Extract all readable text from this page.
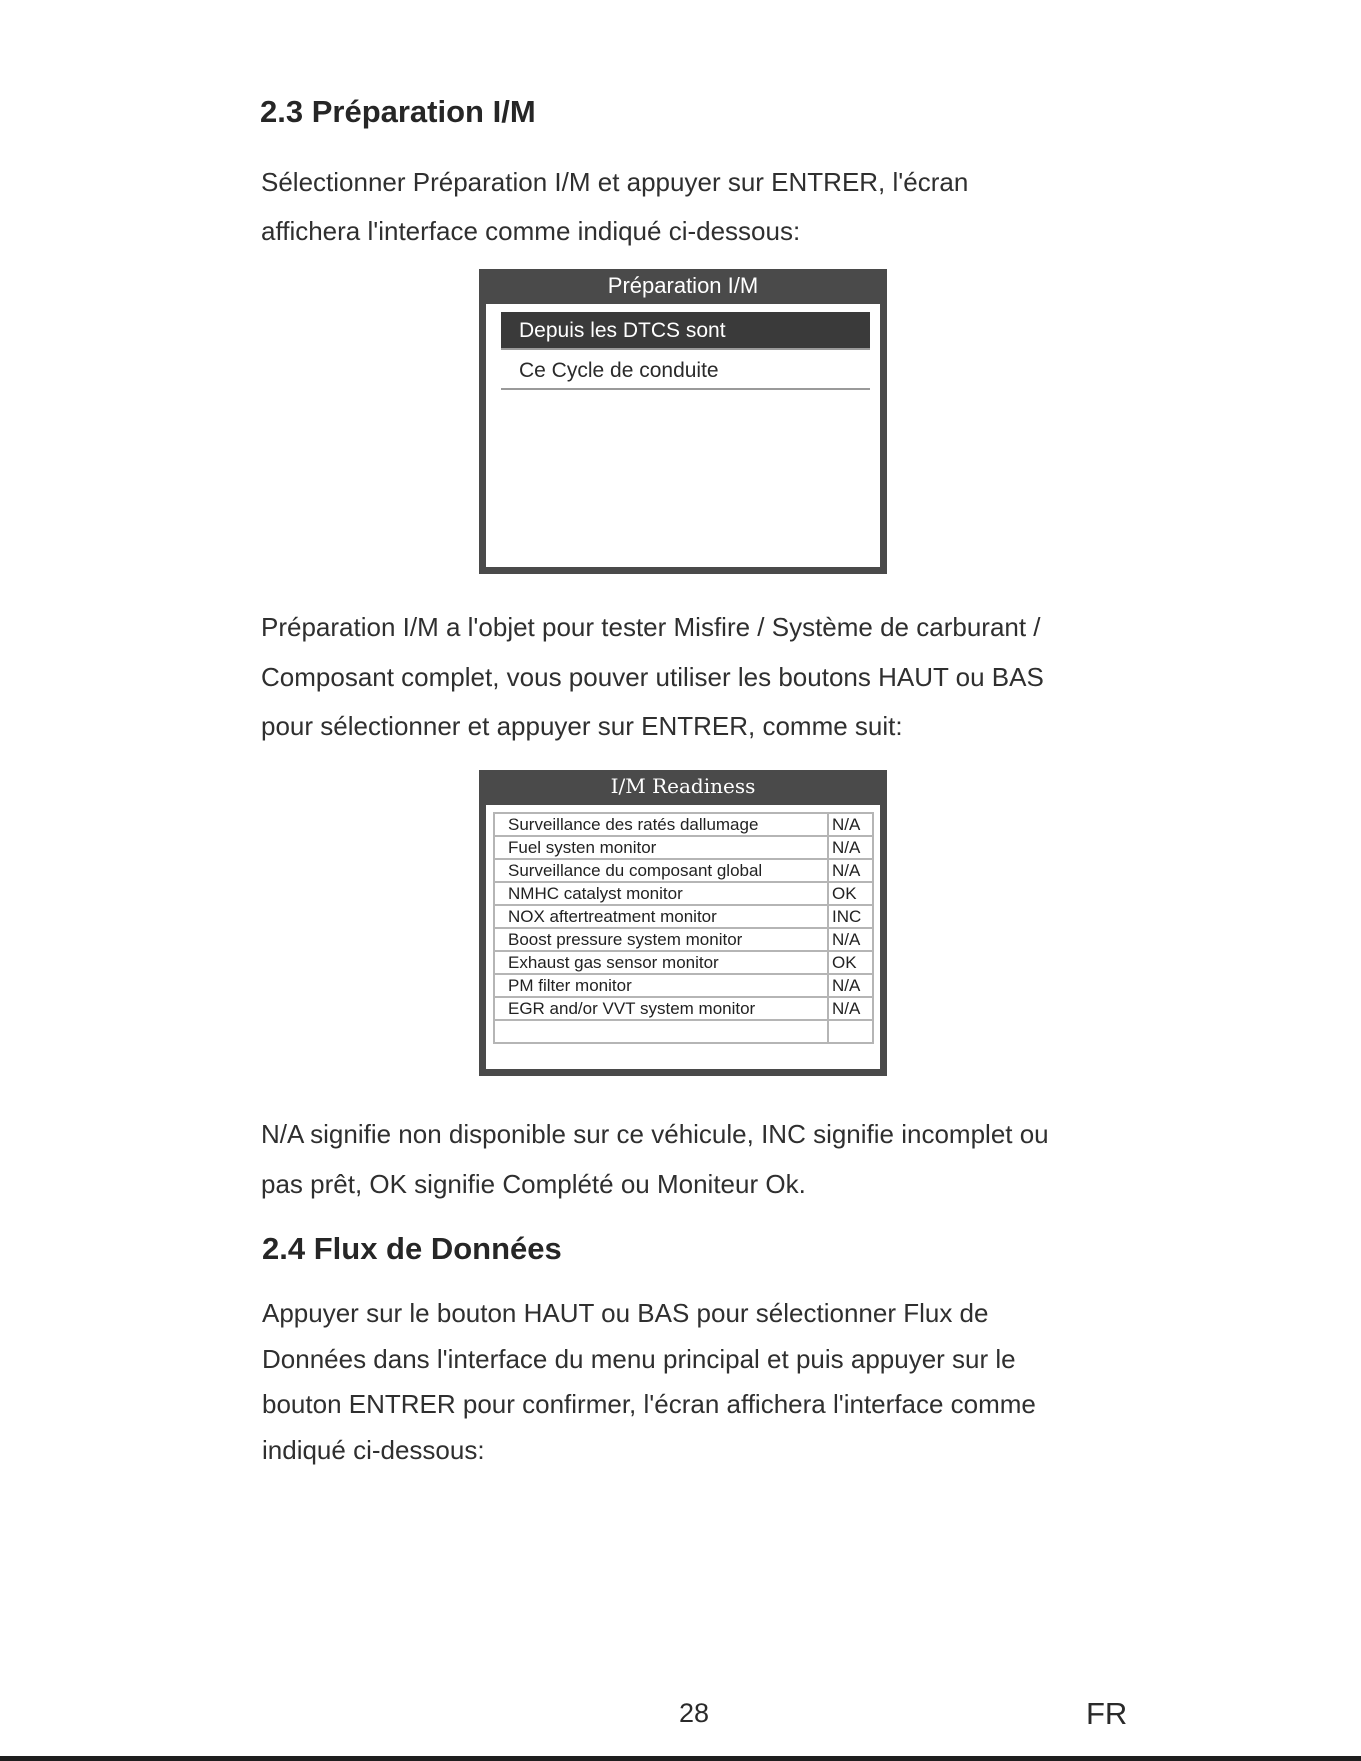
2.3 Préparation I/M
Sélectionner Préparation I/M et appuyer sur ENTRER, l'écran
affichera l'interface comme indiqué ci-dessous:
Préparation I/M
Depuis les DTCS sont
Ce Cycle de conduite
Préparation I/M a l'objet pour tester Misfire / Système de carburant /
Composant complet, vous pouver utiliser les boutons HAUT ou BAS
pour sélectionner et appuyer sur ENTRER, comme suit:
I/M Readiness
Surveillance des ratés dallumage	N/A
Fuel systen monitor	N/A
Surveillance du composant global	N/A
NMHC catalyst monitor	OK
NOX aftertreatment monitor	INC
Boost pressure system monitor	N/A
Exhaust gas sensor monitor	OK
PM filter monitor	N/A
EGR and/or VVT system monitor	N/A

N/A signifie non disponible sur ce véhicule, INC signifie incomplet ou
pas prêt, OK signifie Complété ou Moniteur Ok.
2.4 Flux de Données
Appuyer sur le bouton HAUT ou BAS pour sélectionner Flux de
Données dans l'interface du menu principal et puis appuyer sur le
bouton ENTRER pour confirmer, l'écran affichera l'interface comme
indiqué ci-dessous:
28	FR
